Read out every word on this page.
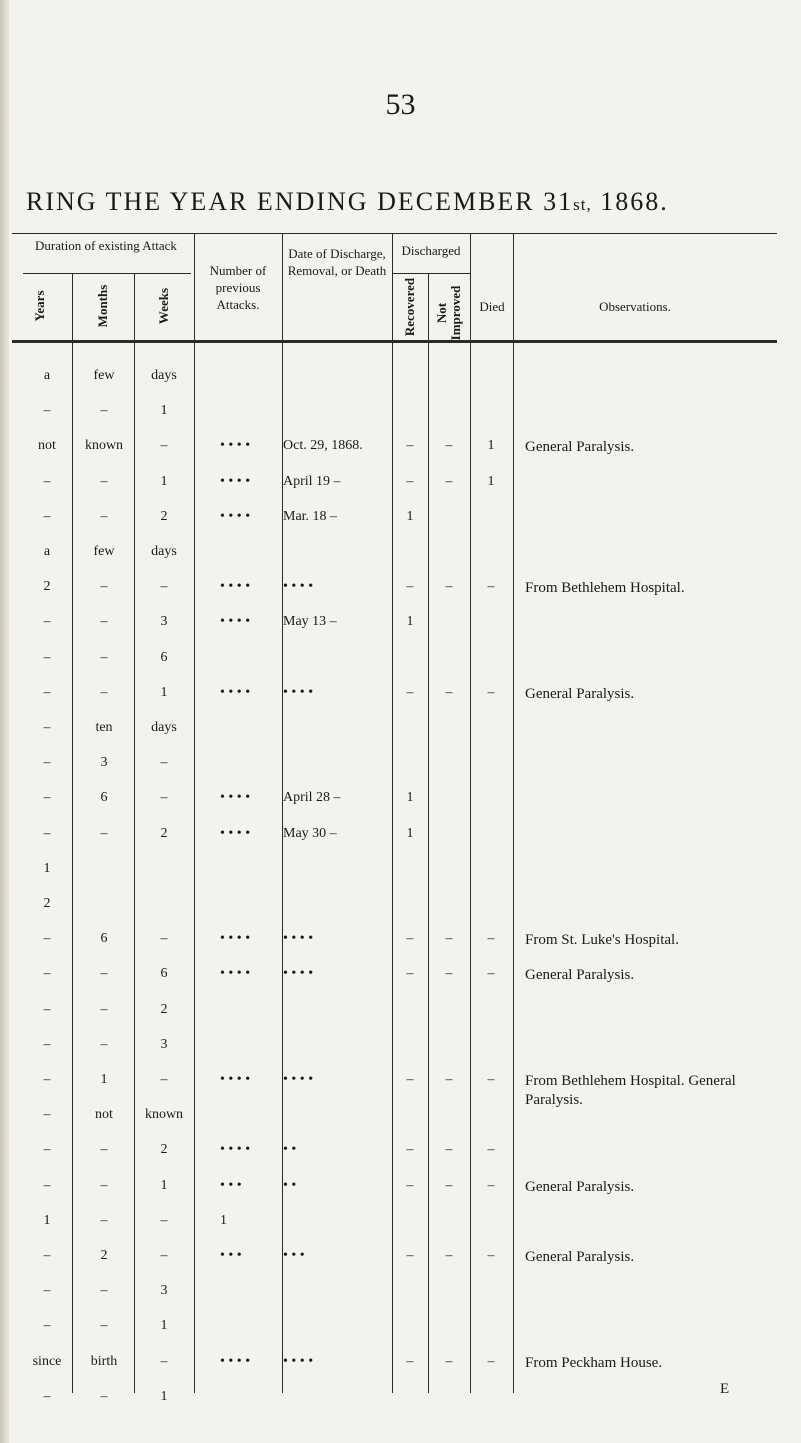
53
RING THE YEAR ENDING DECEMBER 31st, 1868.
Duration of existing Attack
Years	Months	Weeks
Number of previous Attacks.
Date of Discharge, Removal, or Death
Discharged
Recovered Not Improved	Died	Observations.
a	few	days
–	–	1
not	known	–	• • • •	Oct. 29, 1868.	–	–	1	General Paralysis.
–	–	1	• • • •	April 19 –	–	–	1
–	–	2	• • • •	Mar. 18 –	1
a	few	days
2	–	–	• • • •	• • • •	–	–	–	From Bethlehem Hospital.
–	–	3	• • • •	May 13 –	1
–	–	6
–	–	1	• • • •	• • • •	–	–	–	General Paralysis.
–	ten	days
–	3	–
–	6	–	• • • •	April 28 –	1
–	–	2	• • • •	May 30 –	1
1
2
–	6	–	• • • •	• • • •	–	–	–	From St. Luke's Hospital.
–	–	6	• • • •	• • • •	–	–	–	General Paralysis.
–	–	2
–	–	3
–	1	–	• • • •	• • • •	–	–	–	From Bethlehem Hospital. General Paralysis.
–	not	known
–	–	2	• • • •	• •	–	–	–
–	–	1	• • •	• •	–	–	–	General Paralysis.
1	–	–	1
–	2	–	• • •	• • •	–	–	–	General Paralysis.
–	–	3
–	–	1
since	birth	–	• • • •	• • • •	–	–	–	From Peckham House.
–	–	1	E
